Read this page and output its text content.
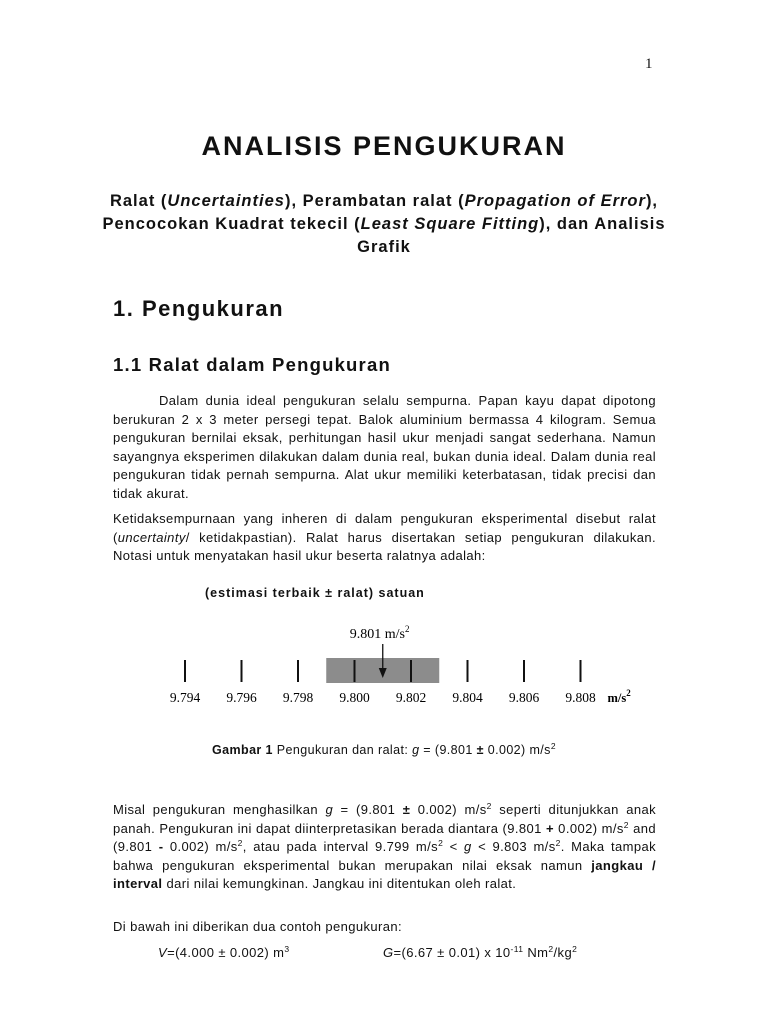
1
ANALISIS PENGUKURAN
Ralat (Uncertainties), Perambatan ralat (Propagation of Error), Pencocokan Kuadrat tekecil (Least Square Fitting), dan Analisis Grafik
1. Pengukuran
1.1 Ralat dalam Pengukuran
Dalam dunia ideal pengukuran selalu sempurna. Papan kayu dapat dipotong berukuran 2 x 3 meter persegi tepat. Balok aluminium bermassa 4 kilogram. Semua pengukuran bernilai eksak, perhitungan hasil ukur menjadi sangat sederhana. Namun sayangnya eksperimen dilakukan dalam dunia real, bukan dunia ideal. Dalam dunia real pengukuran tidak pernah sempurna. Alat ukur memiliki keterbatasan, tidak precisi dan tidak akurat.
Ketidaksempurnaan yang inheren di dalam pengukuran eksperimental disebut ralat (uncertainty/ ketidakpastian). Ralat harus disertakan setiap pengukuran dilakukan. Notasi untuk menyatakan hasil ukur beserta ralatnya adalah:
(estimasi terbaik ± ralat) satuan
9.794 9.796 9.798 9.800 9.802 9.804 9.806 9.808 $m/s^2$
9.801 $m/s^2$
Gambar 1 Pengukuran dan ralat: g = (9.801 ± 0.002) $m/s^2$
Misal pengukuran menghasilkan g = (9.801 ± 0.002) $m/s^2$ seperti ditunjukkan anak panah. Pengukuran ini dapat diinterpretasikan berada diantara (9.801 + 0.002) $m/s^2$ and (9.801 - 0.002) $m/s^2$, atau pada interval 9.799 $m/s^2 < g < 9.803$ $m/s^2$. Maka tampak bahwa pengukuran eksperimental bukan merupakan nilai eksak namun jangkau / interval dari nilai kemungkinan. Jangkau ini ditentukan oleh ralat.
Di bawah ini diberikan dua contoh pengukuran:
V=(4.000 ± 0.002) $m^3$	G=(6.67 ± 0.01) x $10^{-11}$ $Nm^2/kg^2$
